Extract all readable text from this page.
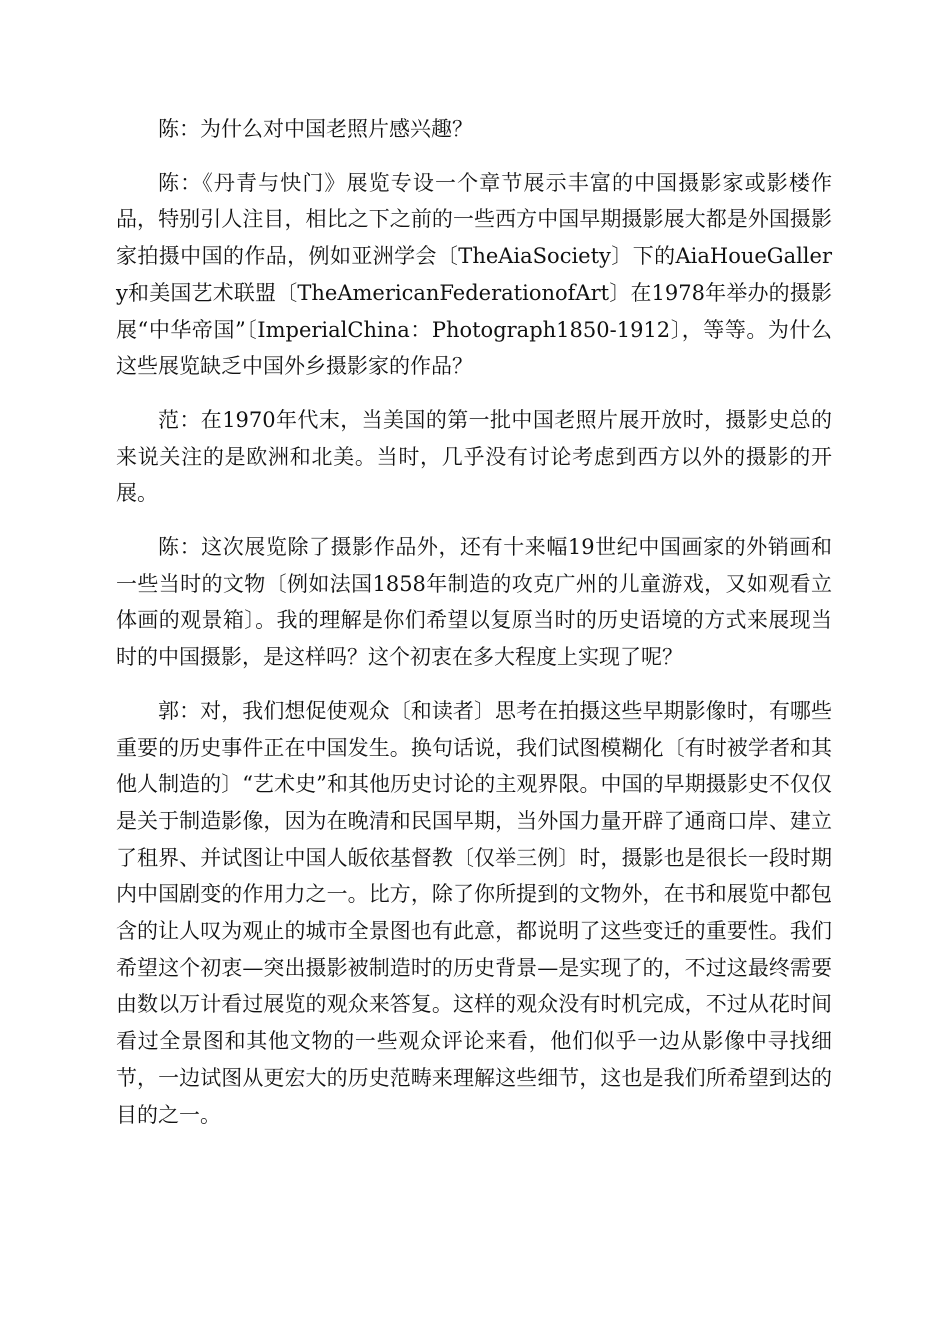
陈：为什么对中国老照片感兴趣？

陈：《丹青与快门》展览专设一个章节展示丰富的中国摄影家或影楼作品，特别引人注目，相比之下之前的一些西方中国早期摄影展大都是外国摄影家拍摄中国的作品，例如亚洲学会〔TheAiaSociety〕下的AiaHoueGallery和美国艺术联盟〔TheAmericanFederationofArt〕在1978年举办的摄影展“中华帝国”〔ImperialChina：Photograph1850-1912〕，等等。为什么这些展览缺乏中国外乡摄影家的作品？

范：在1970年代末，当美国的第一批中国老照片展开放时，摄影史总的来说关注的是欧洲和北美。当时，几乎没有讨论考虑到西方以外的摄影的开展。

陈：这次展览除了摄影作品外，还有十来幅19世纪中国画家的外销画和一些当时的文物〔例如法国1858年制造的攻克广州的儿童游戏，又如观看立体画的观景箱〕。我的理解是你们希望以复原当时的历史语境的方式来展现当时的中国摄影，是这样吗？这个初衷在多大程度上实现了呢？

郭：对，我们想促使观众〔和读者〕思考在拍摄这些早期影像时，有哪些重要的历史事件正在中国发生。换句话说，我们试图模糊化〔有时被学者和其他人制造的〕“艺术史”和其他历史讨论的主观界限。中国的早期摄影史不仅仅是关于制造影像，因为在晚清和民国早期，当外国力量开辟了通商口岸、建立了租界、并试图让中国人皈依基督教〔仅举三例〕时，摄影也是很长一段时期内中国剧变的作用力之一。比方，除了你所提到的文物外，在书和展览中都包含的让人叹为观止的城市全景图也有此意，都说明了这些变迁的重要性。我们希望这个初衷—突出摄影被制造时的历史背景—是实现了的，不过这最终需要由数以万计看过展览的观众来答复。这样的观众没有时机完成，不过从花时间看过全景图和其他文物的一些观众评论来看，他们似乎一边从影像中寻找细节，一边试图从更宏大的历史范畴来理解这些细节，这也是我们所希望到达的目的之一。
